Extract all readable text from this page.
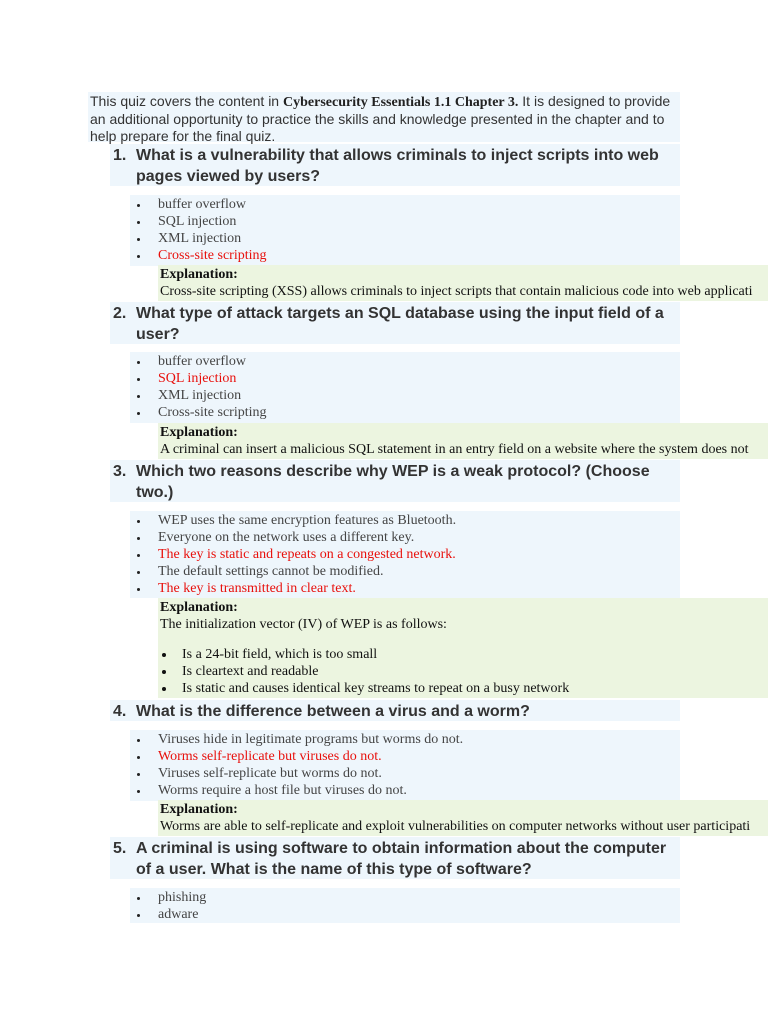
This quiz covers the content in Cybersecurity Essentials 1.1 Chapter 3. It is designed to provide an additional opportunity to practice the skills and knowledge presented in the chapter and to help prepare for the final quiz.
1. What is a vulnerability that allows criminals to inject scripts into web pages viewed by users?
buffer overflow
SQL injection
XML injection
Cross-site scripting
Explanation:
Cross-site scripting (XSS) allows criminals to inject scripts that contain malicious code into web applicati
2. What type of attack targets an SQL database using the input field of a user?
buffer overflow
SQL injection
XML injection
Cross-site scripting
Explanation:
A criminal can insert a malicious SQL statement in an entry field on a website where the system does not
3. Which two reasons describe why WEP is a weak protocol? (Choose two.)
WEP uses the same encryption features as Bluetooth.
Everyone on the network uses a different key.
The key is static and repeats on a congested network.
The default settings cannot be modified.
The key is transmitted in clear text.
Explanation:
The initialization vector (IV) of WEP is as follows:
Is a 24-bit field, which is too small
Is cleartext and readable
Is static and causes identical key streams to repeat on a busy network
4. What is the difference between a virus and a worm?
Viruses hide in legitimate programs but worms do not.
Worms self-replicate but viruses do not.
Viruses self-replicate but worms do not.
Worms require a host file but viruses do not.
Explanation:
Worms are able to self-replicate and exploit vulnerabilities on computer networks without user participati
5. A criminal is using software to obtain information about the computer of a user. What is the name of this type of software?
phishing
adware
